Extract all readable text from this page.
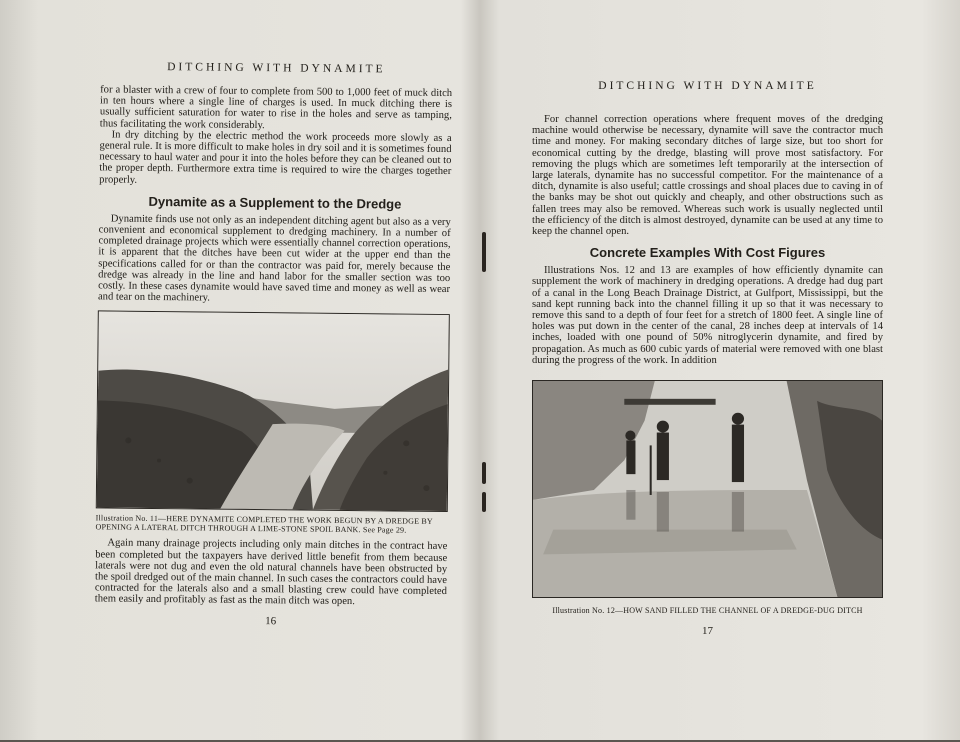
DITCHING WITH DYNAMITE

for a blaster with a crew of four to complete from 500 to 1,000 feet of muck ditch in ten hours where a single line of charges is used. In muck ditching there is usually sufficient saturation for water to rise in the holes and serve as tamping, thus facilitating the work considerably.

In dry ditching by the electric method the work proceeds more slowly as a general rule. It is more difficult to make holes in dry soil and it is sometimes found necessary to haul water and pour it into the holes before they can be cleaned out to the proper depth. Furthermore extra time is required to wire the charges together properly.

Dynamite as a Supplement to the Dredge

Dynamite finds use not only as an independent ditching agent but also as a very convenient and economical supplement to dredging machinery. In a number of completed drainage projects which were essentially channel correction operations, it is apparent that the ditches have been cut wider at the upper end than the specifications called for or than the contractor was paid for, merely because the dredge was already in the line and hand labor for the smaller section was too costly. In these cases dynamite would have saved time and money as well as wear and tear on the machinery.

Illustration No. 11—HERE DYNAMITE COMPLETED THE WORK BEGUN BY A DREDGE BY OPENING A LATERAL DITCH THROUGH A LIME-STONE SPOIL BANK. See Page 29.

Again many drainage projects including only main ditches in the contract have been completed but the taxpayers have derived little benefit from them because laterals were not dug and even the old natural channels have been obstructed by the spoil dredged out of the main channel. In such cases the contractors could have contracted for the laterals also and a small blasting crew could have completed them easily and profitably as fast as the main ditch was open.

16
DITCHING WITH DYNAMITE

For channel correction operations where frequent moves of the dredging machine would otherwise be necessary, dynamite will save the contractor much time and money. For making secondary ditches of large size, but too short for economical cutting by the dredge, blasting will prove most satisfactory. For removing the plugs which are sometimes left temporarily at the intersection of large laterals, dynamite has no successful competitor. For the maintenance of a ditch, dynamite is also useful; cattle crossings and shoal places due to caving in of the banks may be shot out quickly and cheaply, and other obstructions such as fallen trees may also be removed. Whereas such work is usually neglected until the efficiency of the ditch is almost destroyed, dynamite can be used at any time to keep the channel open.

Concrete Examples With Cost Figures

Illustrations Nos. 12 and 13 are examples of how efficiently dynamite can supplement the work of machinery in dredging operations. A dredge had dug part of a canal in the Long Beach Drainage District, at Gulfport, Mississippi, but the sand kept running back into the channel filling it up so that it was necessary to remove this sand to a depth of four feet for a stretch of 1800 feet. A single line of holes was put down in the center of the canal, 28 inches deep at intervals of 14 inches, loaded with one pound of 50% nitroglycerin dynamite, and fired by propagation. As much as 600 cubic yards of material were removed with one blast during the progress of the work. In addition

Illustration No. 12—HOW SAND FILLED THE CHANNEL OF A DREDGE-DUG DITCH
17
